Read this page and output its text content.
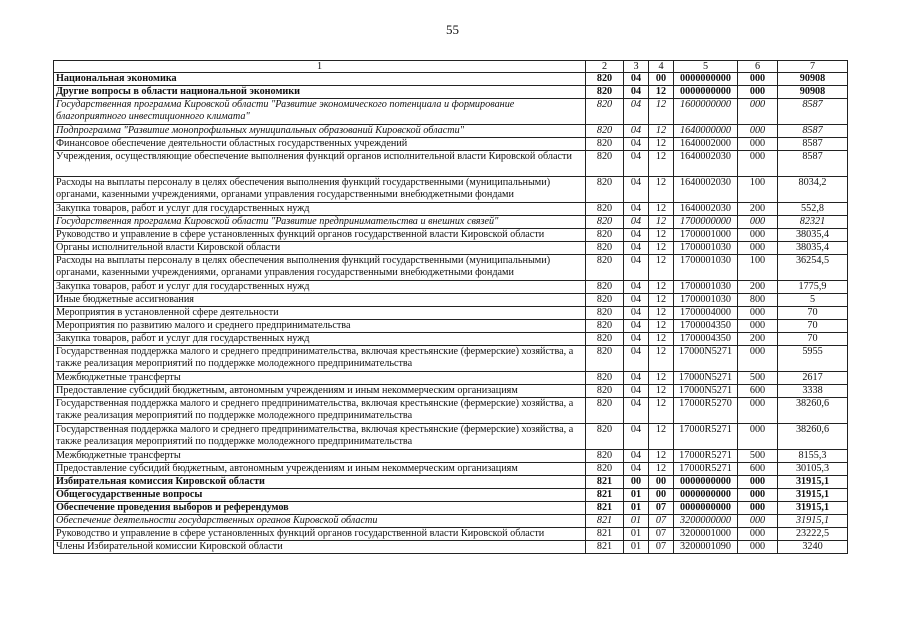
55
1	2	3	4	5	6	7
Национальная экономика	820	04	00	0000000000	000	90908
Другие вопросы в области национальной экономики	820	04	12	0000000000	000	90908
Государственная программа Кировской области "Развитие экономического потенциала и формирование благоприятного инвестиционного климата"	820	04	12	1600000000	000	8587
Подпрограмма "Развитие монопрофильных муниципальных образований Кировской области"	820	04	12	1640000000	000	8587
Финансовое обеспечение деятельности областных государственных учреждений	820	04	12	1640002000	000	8587
Учреждения, осуществляющие обеспечение выполнения функций органов исполнительной власти Кировской области	820	04	12	1640002030	000	8587
Расходы на выплаты персоналу в целях обеспечения выполнения функций государственными (муниципальными) органами, казенными учреждениями, органами управления государственными внебюджетными фондами	820	04	12	1640002030	100	8034,2
Закупка товаров, работ и услуг для государственных нужд	820	04	12	1640002030	200	552,8
Государственная программа Кировской области "Развитие предпринимательства и внешних связей"	820	04	12	1700000000	000	82321
Руководство и управление в сфере установленных функций органов государственной власти Кировской области	820	04	12	1700001000	000	38035,4
Органы исполнительной власти Кировской области	820	04	12	1700001030	000	38035,4
Расходы на выплаты персоналу в целях обеспечения выполнения функций государственными (муниципальными) органами, казенными учреждениями, органами управления государственными внебюджетными фондами	820	04	12	1700001030	100	36254,5
Закупка товаров, работ и услуг для государственных нужд	820	04	12	1700001030	200	1775,9
Иные бюджетные ассигнования	820	04	12	1700001030	800	5
Мероприятия в установленной сфере деятельности	820	04	12	1700004000	000	70
Мероприятия по развитию малого и среднего предпринимательства	820	04	12	1700004350	000	70
Закупка товаров, работ и услуг для государственных нужд	820	04	12	1700004350	200	70
Государственная поддержка малого и среднего предпринимательства, включая крестьянские (фермерские) хозяйства, а также реализация мероприятий по поддержке молодежного предпринимательства	820	04	12	17000N5271	000	5955
Межбюджетные трансферты	820	04	12	17000N5271	500	2617
Предоставление субсидий бюджетным, автономным учреждениям и иным некоммерческим организациям	820	04	12	17000N5271	600	3338
Государственная поддержка малого и среднего предпринимательства, включая крестьянские (фермерские) хозяйства, а также реализация мероприятий по поддержке молодежного предпринимательства	820	04	12	17000R5270	000	38260,6
Государственная поддержка малого и среднего предпринимательства, включая крестьянские (фермерские) хозяйства, а также реализация мероприятий по поддержке молодежного предпринимательства	820	04	12	17000R5271	000	38260,6
Межбюджетные трансферты	820	04	12	17000R5271	500	8155,3
Предоставление субсидий бюджетным, автономным учреждениям и иным некоммерческим организациям	820	04	12	17000R5271	600	30105,3
Избирательная комиссия Кировской области	821	00	00	0000000000	000	31915,1
Общегосударственные вопросы	821	01	00	0000000000	000	31915,1
Обеспечение проведения выборов и референдумов	821	01	07	0000000000	000	31915,1
Обеспечение деятельности государственных органов Кировской области	821	01	07	3200000000	000	31915,1
Руководство и управление в сфере установленных функций органов государственной власти Кировской области	821	01	07	3200001000	000	23222,5
Члены Избирательной комиссии Кировской области	821	01	07	3200001090	000	3240
